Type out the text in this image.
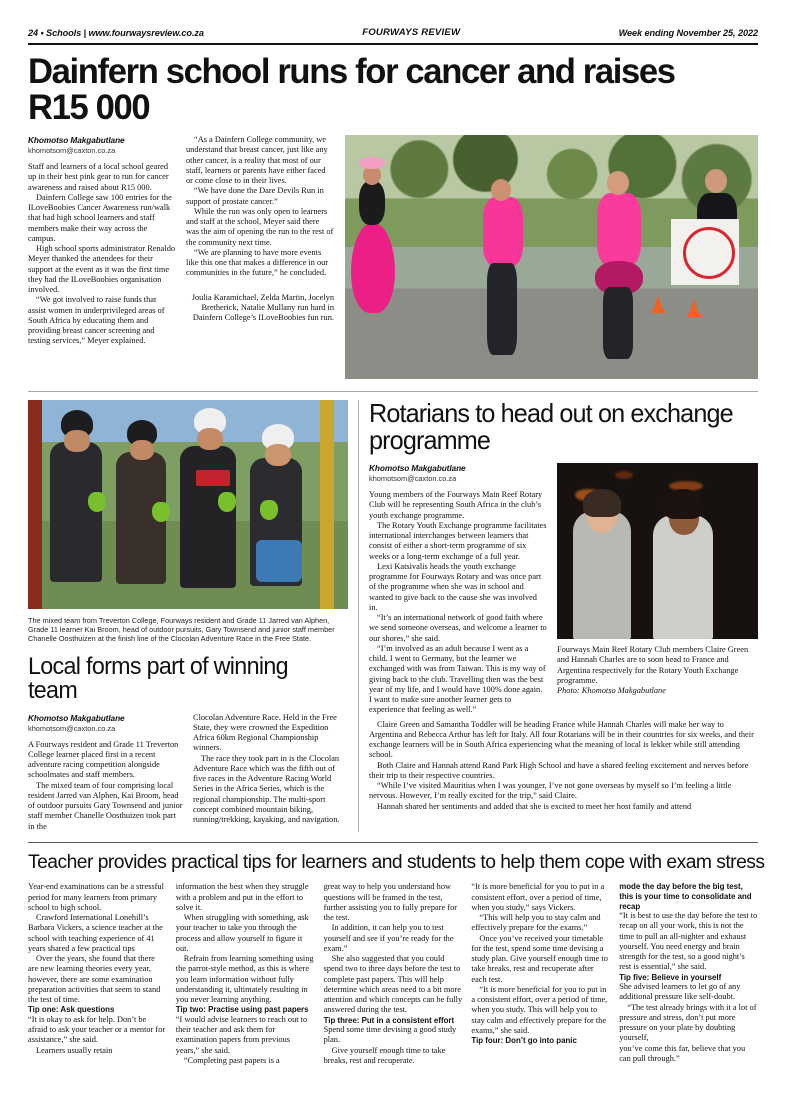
24 • Schools | www.fourwaysreview.co.za	FOURWAYS REVIEW	Week ending November 25, 2022
Dainfern school runs for cancer and raises R15 000
Khomotso Makgabutlane
khomotsom@caxton.co.za

Staff and learners of a local school geared up in their best pink gear to run for cancer awareness and raised about R15 000.

Dainfern College saw 100 entries for the ILoveBoobies Cancer Awareness run/walk that had high school learners and staff members make their way across the campus.

High school sports administrator Renaldo Meyer thanked the attendees for their support at the event as it was the first time they had the ILoveBoobies organisation involved.

“We got involved to raise funds that assist women in underprivileged areas of South Africa by educating them and providing breast cancer screening and testing services,” Meyer explained.

“As a Dainfern College community, we understand that breast cancer, just like any other cancer, is a reality that most of our staff, learners or parents have either faced or come close to in their lives.

“We have done the Dare Devils Run in support of prostate cancer.”

While the run was only open to learners and staff at the school, Meyer said there was the aim of opening the run to the rest of the community next time.

“We are planning to have more events like this one that makes a difference in our communities in the future,” he concluded.

Joulia Karamichael, Zelda Martin, Jocelyn Bretherick, Natalie Mullany run hard in Dainfern College’s ILoveBoobies fun run.

The mixed team from Treverton College, Fourways resident and Grade 11 Jarred van Alphen, Grade 11 learner Kai Broom, head of outdoor pursuits, Gary Townsend and junior staff member Chanelle Oosthuizen at the finish line of the Clocolan Adventure Race in the Free State.

Local forms part of winning team
Khomotso Makgabutlane
khomotsom@caxton.co.za

A Fourways resident and Grade 11 Treverton College learner placed first in a recent adventure racing competition alongside schoolmates and staff members.

The mixed team of four comprising local resident Jarred van Alphen, Kai Broom, head of outdoor pursuits Gary Townsend and junior staff member Chanelle Oosthuizen took part in the

Clocolan Adventure Race. Held in the Free State, they were crowned the Expedition Africa 60km Regional Championship winners.

The race they took part in is the Clocolan Adventure Race which was the fifth out of five races in the Adventure Racing World Series in the Africa Series, which is the regional championship. The multi-sport concept combined mountain biking, running/trekking, kayaking, and navigation.

Rotarians to head out on exchange programme
Khomotso Makgabutlane
khomotsom@caxton.co.za

Young members of the Fourways Main Reef Rotary Club will be representing South Africa in the club’s youth exchange programme.

The Rotary Youth Exchange programme facilitates international interchanges between learners that consist of either a short-term programme of six weeks or a long-term exchange of a full year.

Lexi Katsivalis heads the youth exchange programme for Fourways Rotary and was once part of the programme when she was in school and wanted to give back to the cause she was involved in.

“It’s an international network of good faith where we send someone overseas, and welcome a learner to our shores,” she said.

“I’m involved as an adult because I went as a child. I went to Germany, but the learner we exchanged with was from Taiwan. This is my way of giving back to the club. Travelling then was the best year of my life, and I would have 100% done again. I want to make sure another learner gets to experience that feeling as well.”

Fourways Main Reef Rotary Club members Claire Green and Hannah Charles are to soon head to France and Argentina respectively for the Rotary Youth Exchange programme.

Photo: Khomotso Makgabutlane

Claire Green and Samantha Toddler will be heading France while Hannah Charles will make her way to Argentina and Rebecca Arthur has left for Italy. All four Rotarians will be in their countries for six weeks, and their exchange learners will be in South Africa experiencing what the meaning of local is lekker while still attending school.

Both Claire and Hannah attend Rand Park High School and have a shared feeling excitement and nerves before their trip to their respective countries.

“While I’ve visited Mauritius when I was younger, I’ve not gone overseas by myself so I’m feeling a little nervous. However, I’m really excited for the trip,” said Claire.

Hannah shared her sentiments and added that she is excited to meet her host family and attend

Teacher provides practical tips for learners and students to help them cope with exam stress

Year-end examinations can be a stressful period for many learners from primary school to high school.

Crawford International Lonehill’s Barbara Vickers, a science teacher at the school with teaching experience of 41 years shared a few practical tips

Over the years, she found that there are new learning theories every year, however, there are some examination preparation activities that seem to stand the test of time.

Tip one: Ask questions

“It is okay to ask for help. Don’t be afraid to ask your teacher or a mentor for assistance,” she said.

Learners usually retain

information the best when they struggle with a problem and put in the effort to solve it.

When struggling with something, ask your teacher to take you through the process and allow yourself to figure it out.

Refrain from learning something using the parrot-style method, as this is where you learn information without fully understanding it, ultimately resulting in you never learning anything.

Tip two: Practise using past papers

“I would advise learners to reach out to their teacher and ask them for examination papers from previous years,” she said.

“Completing past papers is a

great way to help you understand how questions will be framed in the test, further assisting you to fully prepare for the test.

In addition, it can help you to test yourself and see if you’re ready for the exam.”

She also suggested that you could spend two to three days before the test to complete past papers. This will help determine which areas need to a bit more attention and which concepts can be fully answered during the test.

Tip three: Put in a consistent effort

Spend some time devising a good study plan.

Give yourself enough time to take breaks, rest and recuperate.

“It is more beneficial for you to put in a consistent effort, over a period of time, when you study,” says Vickers.

“This will help you to stay calm and effectively prepare for the exams.”

Once you’ve received your timetable for the test, spend some time devising a study plan. Give yourself enough time to take breaks, rest and recuperate after each test.

“It is more beneficial for you to put in a consistent effort, over a period of time, when you study. This will help you to stay calm and effectively prepare for the exams,” she said.

Tip four: Don’t go into panic

mode the day before the big test, this is your time to consolidate and recap

“It is best to use the day before the test to recap on all your work, this is not the time to pull an all-nighter and exhaust yourself. You need energy and brain strength for the test, so a good night’s rest is essential,” she said.

Tip five: Believe in yourself

She advised learners to let go of any additional pressure like self-doubt.

“The test already brings with it a lot of pressure and stress, don’t put more pressure on your plate by doubting yourself,

you’ve come this far, believe that you can pull through.”
